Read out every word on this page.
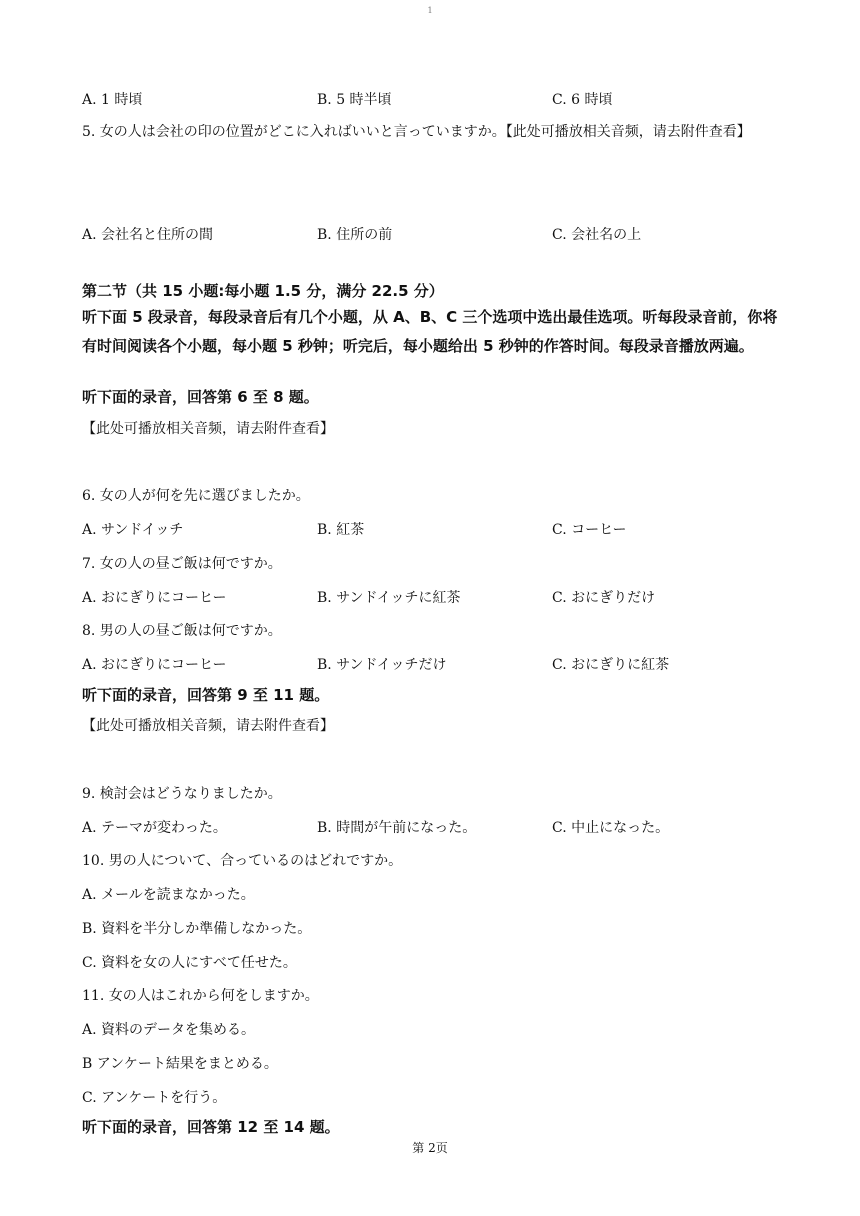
1
A. 1 時頃	B. 5 時半頃	C. 6 時頃
5. 女の人は会社の印の位置がどこに入ればいいと言っていますか。【此处可播放相关音频，请去附件查看】
A. 会社名と住所の間	B. 住所の前	C. 会社名の上
第二节（共 15 小题:每小题 1.5 分，满分 22.5 分）
听下面 5 段录音，每段录音后有几个小题，从 A、B、C 三个选项中选出最佳选项。听每段录音前，你将有时间阅读各个小题，每小题 5 秒钟；听完后，每小题给出 5 秒钟的作答时间。每段录音播放两遍。
听下面的录音，回答第 6 至 8 题。
【此处可播放相关音频，请去附件查看】
6. 女の人が何を先に選びましたか。
A. サンドイッチ	B. 紅茶	C. コーヒー
7. 女の人の昼ご飯は何ですか。
A. おにぎりにコーヒー	B. サンドイッチに紅茶	C. おにぎりだけ
8. 男の人の昼ご飯は何ですか。
A. おにぎりにコーヒー	B. サンドイッチだけ	C. おにぎりに紅茶
听下面的录音，回答第 9 至 11 题。
【此处可播放相关音频，请去附件查看】
9. 検討会はどうなりましたか。
A. テーマが変わった。	B. 時間が午前になった。	C. 中止になった。
10. 男の人について、合っているのはどれですか。
A. メールを読まなかった。
B. 資料を半分しか準備しなかった。
C. 資料を女の人にすべて任せた。
11. 女の人はこれから何をしますか。
A. 資料のデータを集める。
B アンケート結果をまとめる。
C. アンケートを行う。
听下面的录音，回答第 12 至 14 题。
第 2页
